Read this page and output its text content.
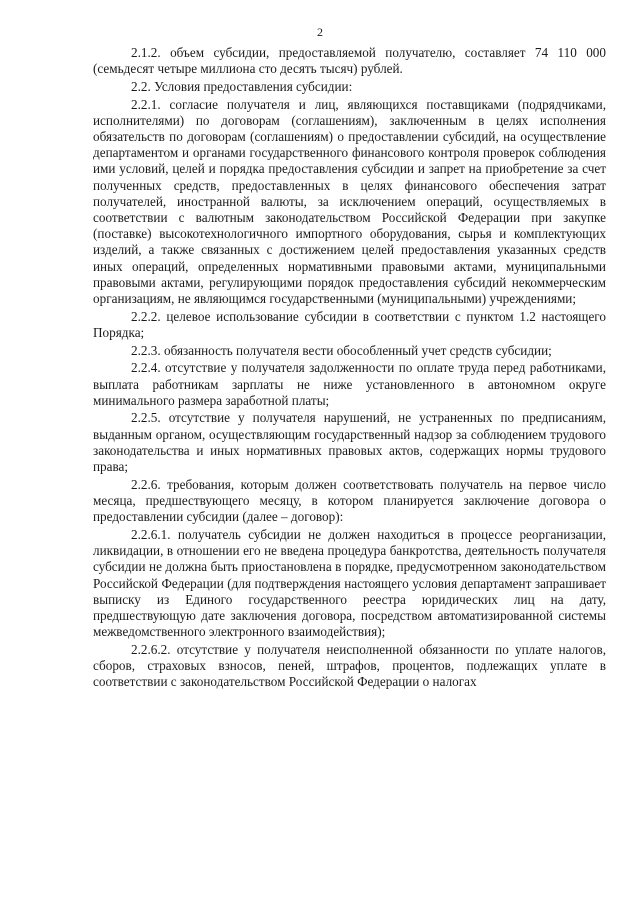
2

2.1.2. объем субсидии, предоставляемой получателю, составляет 74 110 000 (семьдесят четыре миллиона сто десять тысяч) рублей.

2.2. Условия предоставления субсидии:

2.2.1. согласие получателя и лиц, являющихся поставщиками (подрядчиками, исполнителями) по договорам (соглашениям), заключенным в целях исполнения обязательств по договорам (соглашениям) о предоставлении субсидий, на осуществление департаментом и органами государственного финансового контроля проверок соблюдения ими условий, целей и порядка предоставления субсидии и запрет на приобретение за счет полученных средств, предоставленных в целях финансового обеспечения затрат получателей, иностранной валюты, за исключением операций, осуществляемых в соответствии с валютным законодательством Российской Федерации при закупке (поставке) высокотехнологичного импортного оборудования, сырья и комплектующих изделий, а также связанных с достижением целей предоставления указанных средств иных операций, определенных нормативными правовыми актами, муниципальными правовыми актами, регулирующими порядок предоставления субсидий некоммерческим организациям, не являющимся государственными (муниципальными) учреждениями;

2.2.2. целевое использование субсидии в соответствии с пунктом 1.2 настоящего Порядка;

2.2.3. обязанность получателя вести обособленный учет средств субсидии;

2.2.4. отсутствие у получателя задолженности по оплате труда перед работниками, выплата работникам зарплаты не ниже установленного в автономном округе минимального размера заработной платы;

2.2.5. отсутствие у получателя нарушений, не устраненных по предписаниям, выданным органом, осуществляющим государственный надзор за соблюдением трудового законодательства и иных нормативных правовых актов, содержащих нормы трудового права;

2.2.6. требования, которым должен соответствовать получатель на первое число месяца, предшествующего месяцу, в котором планируется заключение договора о предоставлении субсидии (далее – договор):

2.2.6.1. получатель субсидии не должен находиться в процессе реорганизации, ликвидации, в отношении его не введена процедура банкротства, деятельность получателя субсидии не должна быть приостановлена в порядке, предусмотренном законодательством Российской Федерации (для подтверждения настоящего условия департамент запрашивает выписку из Единого государственного реестра юридических лиц на дату, предшествующую дате заключения договора, посредством автоматизированной системы межведомственного электронного взаимодействия);

2.2.6.2. отсутствие у получателя неисполненной обязанности по уплате налогов, сборов, страховых взносов, пеней, штрафов, процентов, подлежащих уплате в соответствии с законодательством Российской Федерации о налогах
